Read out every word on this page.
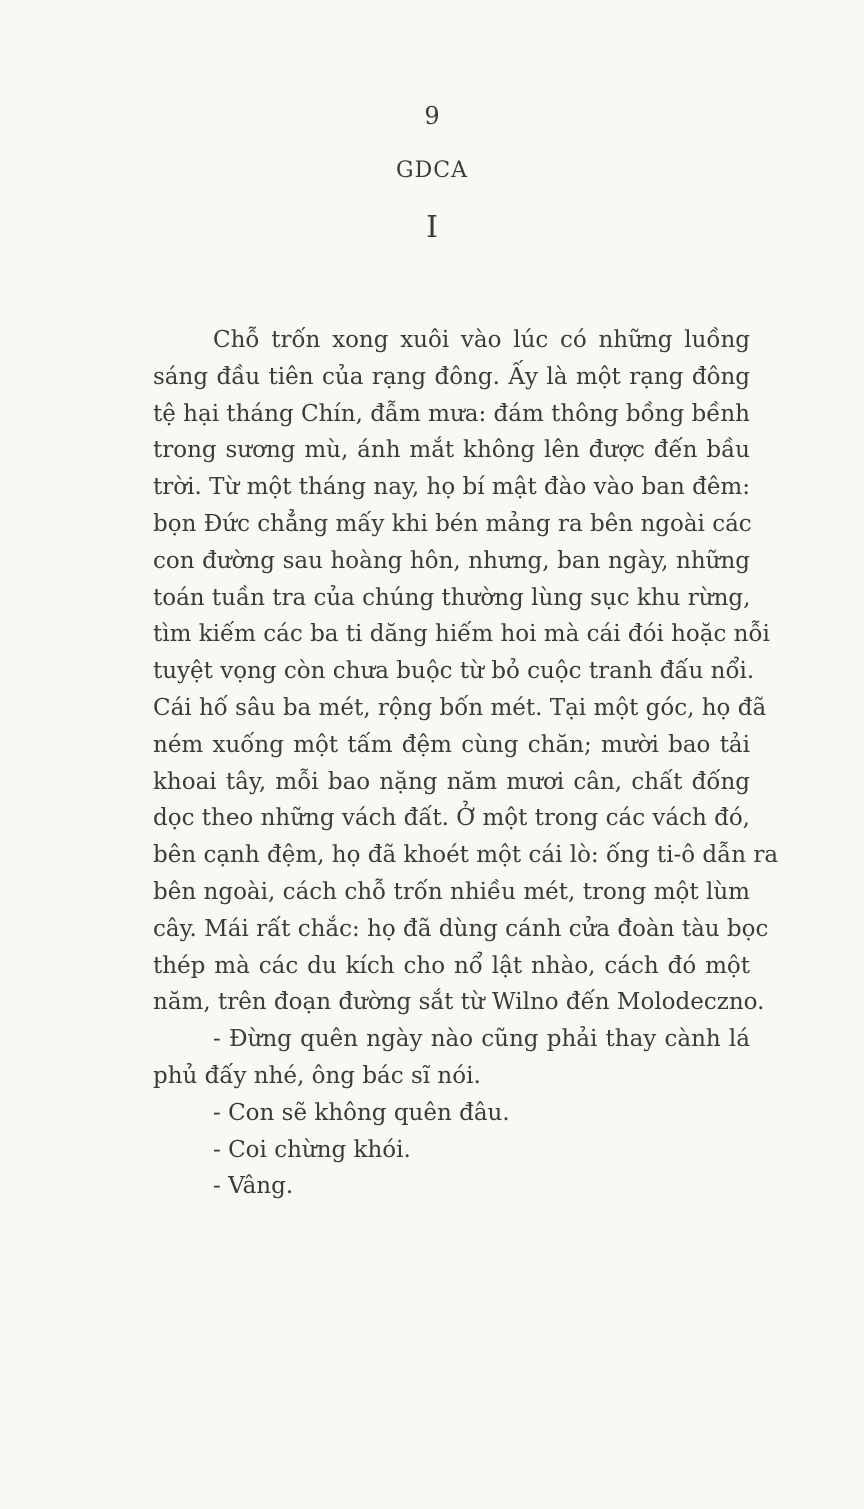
9
GDCA
I
Chỗ trốn xong xuôi vào lúc có những luồng
sáng đầu tiên của rạng đông. Ấy là một rạng đông
tệ hại tháng Chín, đẫm mưa: đám thông bồng bềnh
trong sương mù, ánh mắt không lên được đến bầu
trời. Từ một tháng nay, họ bí mật đào vào ban đêm:
bọn Đức chẳng mấy khi bén mảng ra bên ngoài các
con đường sau hoàng hôn, nhưng, ban ngày, những
toán tuần tra của chúng thường lùng sục khu rừng,
tìm kiếm các ba ti dăng hiếm hoi mà cái đói hoặc nỗi
tuyệt vọng còn chưa buộc từ bỏ cuộc tranh đấu nổi.
Cái hố sâu ba mét, rộng bốn mét. Tại một góc, họ đã
ném xuống một tấm đệm cùng chăn; mười bao tải
khoai tây, mỗi bao nặng năm mươi cân, chất đống
dọc theo những vách đất. Ở một trong các vách đó,
bên cạnh đệm, họ đã khoét một cái lò: ống ti-ô dẫn ra
bên ngoài, cách chỗ trốn nhiều mét, trong một lùm
cây. Mái rất chắc: họ đã dùng cánh cửa đoàn tàu bọc
thép mà các du kích cho nổ lật nhào, cách đó một
năm, trên đoạn đường sắt từ Wilno đến Molodeczno.
- Đừng quên ngày nào cũng phải thay cành lá
phủ đấy nhé, ông bác sĩ nói.
- Con sẽ không quên đâu.
- Coi chừng khói.
- Vâng.
